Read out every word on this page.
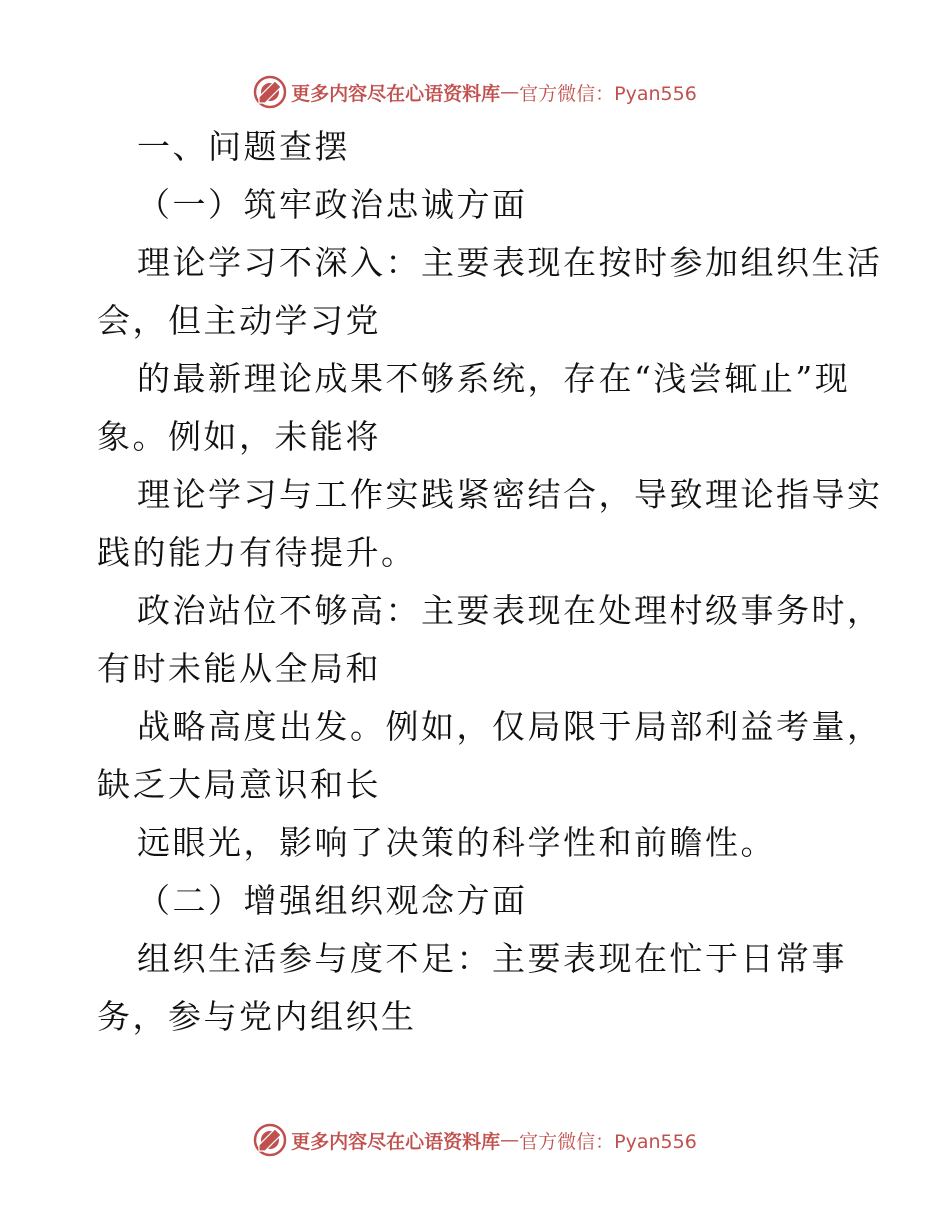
更多内容尽在心语资料库 — 官方微信：Pyan556
一、问题查摆
（一）筑牢政治忠诚方面
理论学习不深入：主要表现在按时参加组织生活
会，但主动学习党
的最新理论成果不够系统，存在“浅尝辄止”现
象。例如，未能将
理论学习与工作实践紧密结合，导致理论指导实
践的能力有待提升。
政治站位不够高：主要表现在处理村级事务时，
有时未能从全局和
战略高度出发。例如，仅局限于局部利益考量，
缺乏大局意识和长
远眼光，影响了决策的科学性和前瞻性。
（二）增强组织观念方面
组织生活参与度不足：主要表现在忙于日常事
务，参与党内组织生
更多内容尽在心语资料库 — 官方微信：Pyan556
